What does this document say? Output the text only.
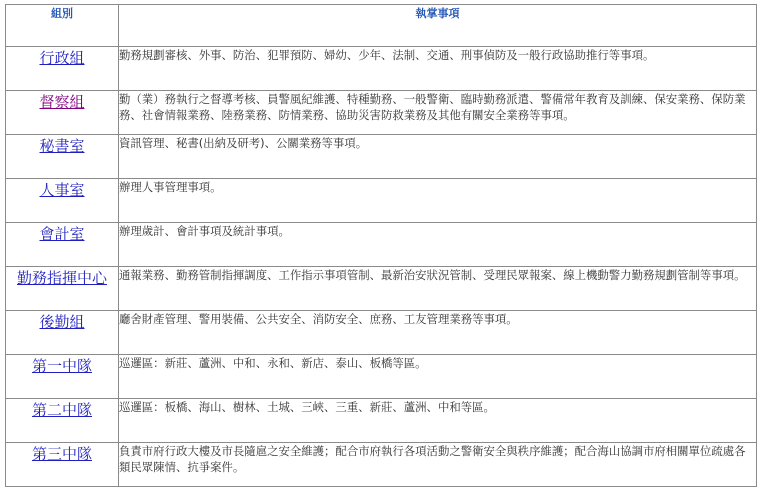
組別	執掌事項
行政組	勤務規劃審核、外事、防治、犯罪預防、婦幼、少年、法制、交通、刑事偵防及一般行政協助推行等事項。
督察組	勤（業）務執行之督導考核、員警風紀維護、特種勤務、一般警衛、臨時勤務派遣、警備常年教育及訓練、保安業務、保防業務、社會情報業務、陸務業務、防情業務、協助災害防救業務及其他有關安全業務等事項。

秘書室	資訊管理、秘書(出納及研考)、公關業務等事項。
人事室	辦理人事管理事項。
會計室	辦理歲計、會計事項及統計事項。
勤務指揮中心	通報業務、勤務管制指揮調度、工作指示事項管制、最新治安狀況管制、受理民眾報案、線上機動警力勤務規劃管制等事項。
後勤組	廳舍財產管理、警用裝備、公共安全、消防安全、庶務、工友管理業務等事項。
第一中隊	巡邏區：新莊、蘆洲、中和、永和、新店、泰山、板橋等區。
第二中隊	巡邏區：板橋、海山、樹林、土城、三峽、三重、新莊、蘆洲、中和等區。
第三中隊	負責市府行政大樓及市長隨扈之安全維護；配合市府執行各項活動之警衛安全與秩序維護；配合海山協調市府相關單位疏處各類民眾陳情、抗爭案件。
